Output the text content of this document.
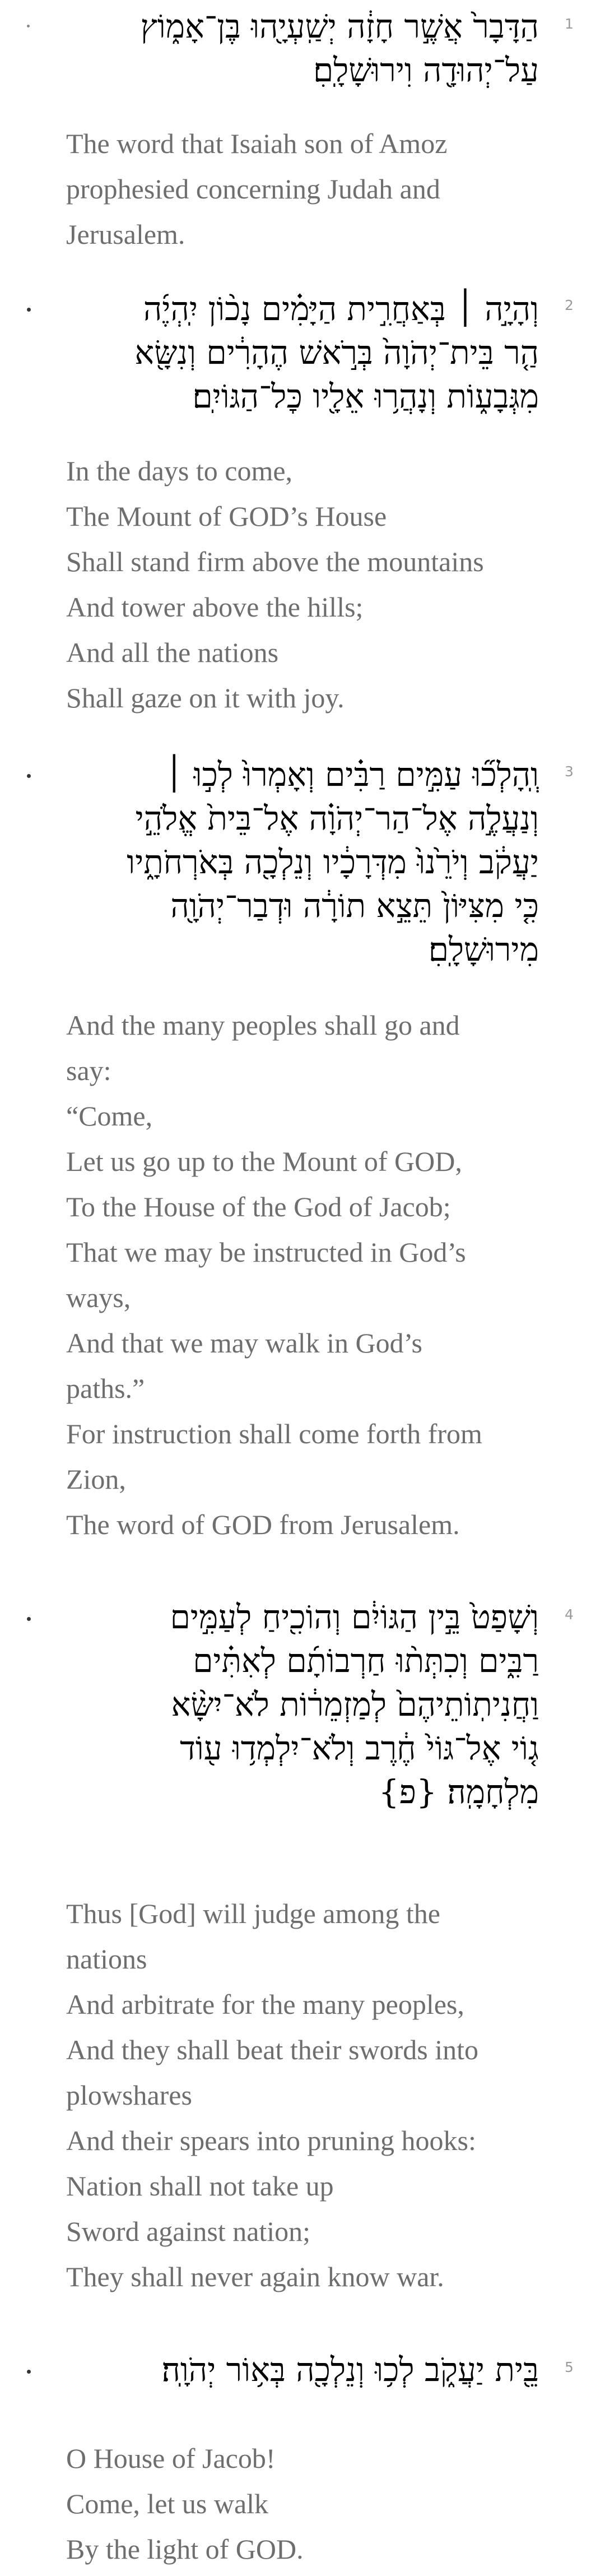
1
הַדָּבָר֙ אֲשֶׁ֣ר חָזָ֔ה יְשַֽׁעְיָ֖הוּ בֶּן־אָמ֑וֹץ
עַל־יְהוּדָ֖ה וִירוּשָׁלָֽםִ׃
The word that Isaiah son of Amoz
prophesied concerning Judah and
Jerusalem.
2
וְהָיָ֣ה ׀ בְּאַחֲרִ֣ית הַיָּמִ֗ים נָכ֨וֹן יִֽהְיֶ֜ה
הַ֤ר בֵּית־יְהֹוָה֙ בְּרֹ֣אשׁ הֶהָרִ֔ים וְנִשָּׂ֖א
מִגְּבָע֑וֹת וְנָהֲר֥וּ אֵלָ֖יו כׇּל־הַגּוֹיִֽם׃
In the days to come,
The Mount of GOD’s House
Shall stand firm above the mountains
And tower above the hills;
And all the nations
Shall gaze on it with joy.
3
וְֽהָלְכ֞וּ עַמִּ֣ים רַבִּ֗ים וְאָמְרוּ֙ לְכ֣וּ ׀
וְנַעֲלֶ֣ה אֶל־הַר־יְהֹוָ֗ה אֶל־בֵּית֙ אֱלֹהֵ֣י
יַעֲקֹ֔ב וְיֹרֵ֙נוּ֙ מִדְּרָכָ֔יו וְנֵלְכָ֖ה בְּאֹרְחֹתָ֑יו
כִּ֤י מִצִּיּוֹן֙ תֵּצֵ֣א תוֹרָ֔ה וּדְבַר־יְהֹוָ֖ה
מִירוּשָׁלָֽםִ׃
And the many peoples shall go and
say:
“Come,
Let us go up to the Mount of GOD,
To the House of the God of Jacob;
That we may be instructed in God’s
ways,
And that we may walk in God’s
paths.”
For instruction shall come forth from
Zion,
The word of GOD from Jerusalem.
4
וְשָׁפַט֙ בֵּ֣ין הַגּוֹיִ֔ם וְהוֹכִ֖יחַ לְעַמִּ֣ים
רַבִּ֑ים וְכִתְּת֨וּ חַרְבוֹתָ֜ם לְאִתִּ֗ים
וַחֲנִיתֽוֹתֵיהֶם֙ לְמַזְמֵר֔וֹת לֹא־יִשָּׂ֨א
ג֤וֹי אֶל־גּוֹי֙ חֶ֔רֶב וְלֹא־יִלְמְד֥וּ ע֖וֹד
מִלְחָמָֽה׃ {פ}
Thus [God] will judge among the
nations
And arbitrate for the many peoples,
And they shall beat their swords into
plowshares
And their spears into pruning hooks:
Nation shall not take up
Sword against nation;
They shall never again know war.
5
בֵּ֖ית יַעֲקֹ֑ב לְכ֥וּ וְנֵלְכָ֖ה בְּא֥וֹר יְהֹוָֽה׃
O House of Jacob!
Come, let us walk
By the light of GOD.
